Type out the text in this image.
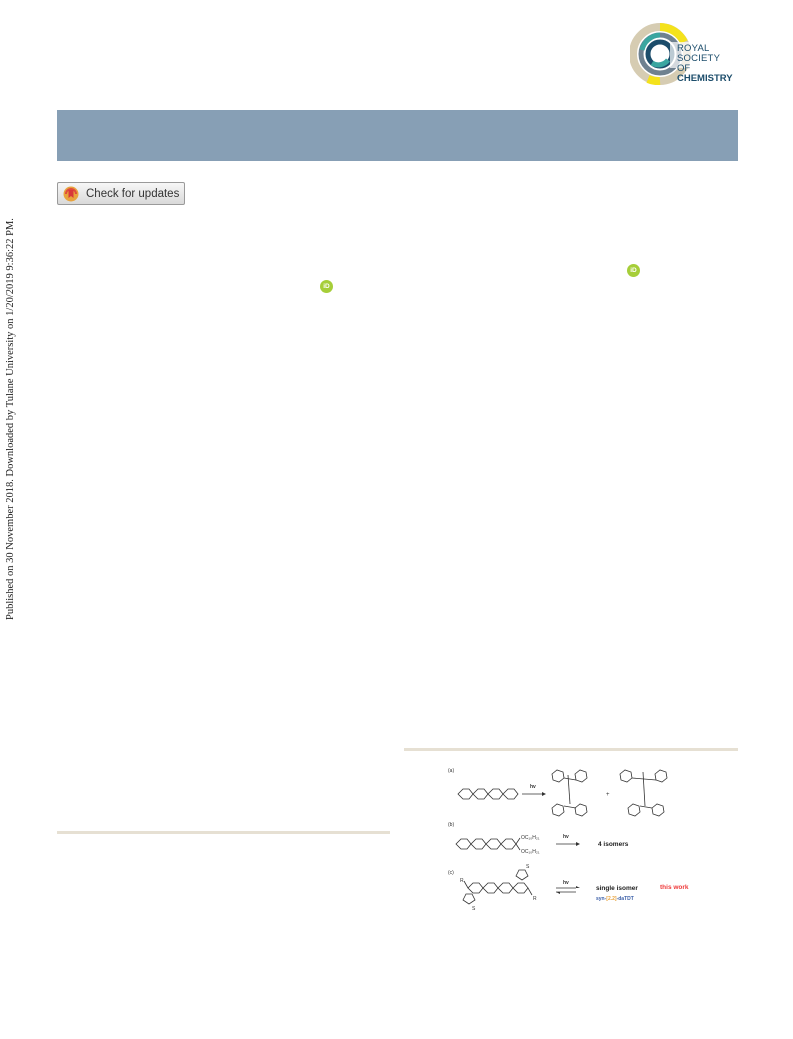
Published on 30 November 2018. Downloaded by Tulane University on 1/20/2019 9:36:22 PM.
ROYAL SOCIETY
OF CHEMISTRY
Check for updates
iD
iD
(a)
hv
+
(b)
OC₁₀H₂₁
OC₁₀H₂₁
hv
4 isomers
(c)
R
R
S
S
hv
single isomer
syn-[2.2]-daTDT
this work
